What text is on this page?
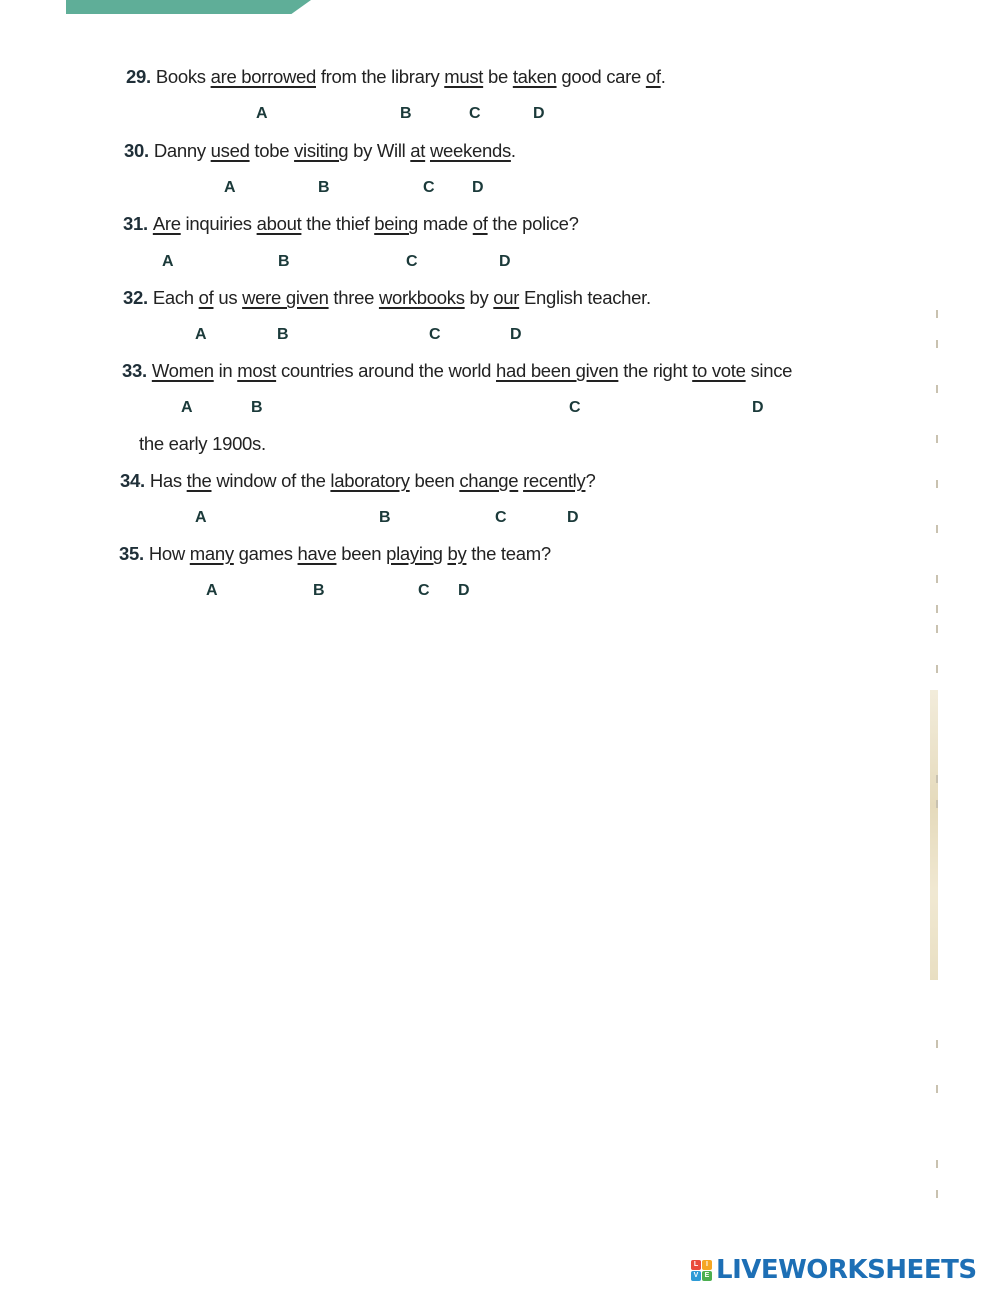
29. Books are borrowed from the library must be taken good care of.
A	B	C	D
30. Danny used tobe visiting by Will at weekends.
A	B	C D
31. Are inquiries about the thief being made of the police?
A	B	C	D
32. Each of us were given three workbooks by our English teacher.
A	B	C	D
33. Women in most countries around the world had been given the right to vote since
A	B	C	D
the early 1900s.
34. Has the window of the laboratory been change recently?
A	B	C	D
35. How many games have been playing by the team?
A	B	C D
L	I
V E LIVEWORKSHEETS
